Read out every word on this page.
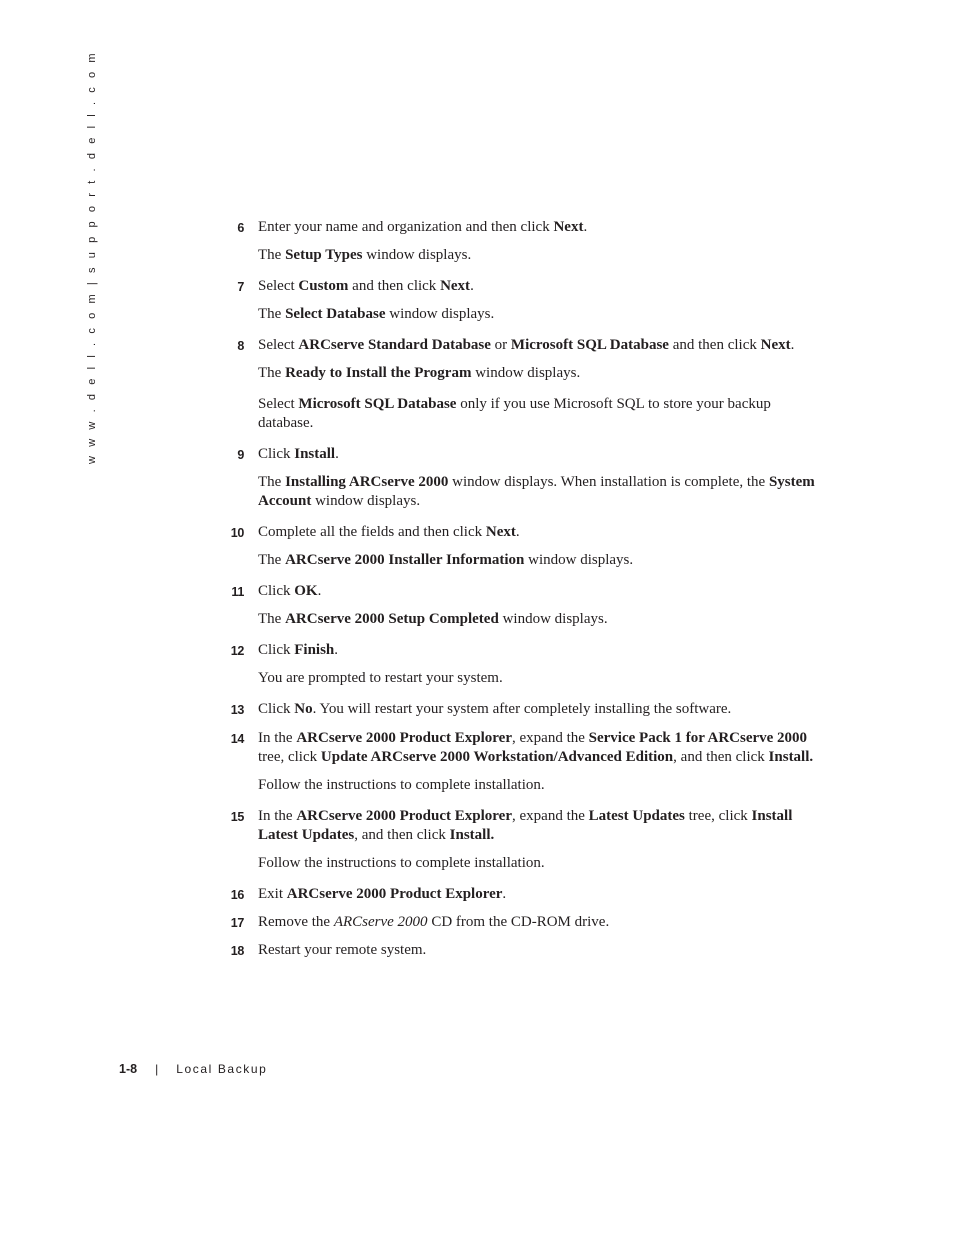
w w w . d e l l . c o m | s u p p o r t . d e l l . c o m	6 Enter your name and organization and then click Next.
The Setup Types window displays.
7 Select Custom and then click Next.
The Select Database window displays.
8 Select ARCserve Standard Database or Microsoft SQL Database and then click Next.
The Ready to Install the Program window displays.
Select Microsoft SQL Database only if you use Microsoft SQL to store your backup database.
9 Click Install.
The Installing ARCserve 2000 window displays. When installation is complete, the System Account window displays.
10 Complete all the fields and then click Next.
The ARCserve 2000 Installer Information window displays.
11 Click OK.
The ARCserve 2000 Setup Completed window displays.
12 Click Finish.
You are prompted to restart your system.
13 Click No. You will restart your system after completely installing the software.
14 In the ARCserve 2000 Product Explorer, expand the Service Pack 1 for ARCserve 2000 tree, click Update ARCserve 2000 Workstation/Advanced Edition, and then click Install.
Follow the instructions to complete installation.
15 In the ARCserve 2000 Product Explorer, expand the Latest Updates tree, click Install Latest Updates, and then click Install.
Follow the instructions to complete installation.
16 Exit ARCserve 2000 Product Explorer.
17 Remove the ARCserve 2000 CD from the CD-ROM drive.
18 Restart your remote system.
1-8 | Local Backup
